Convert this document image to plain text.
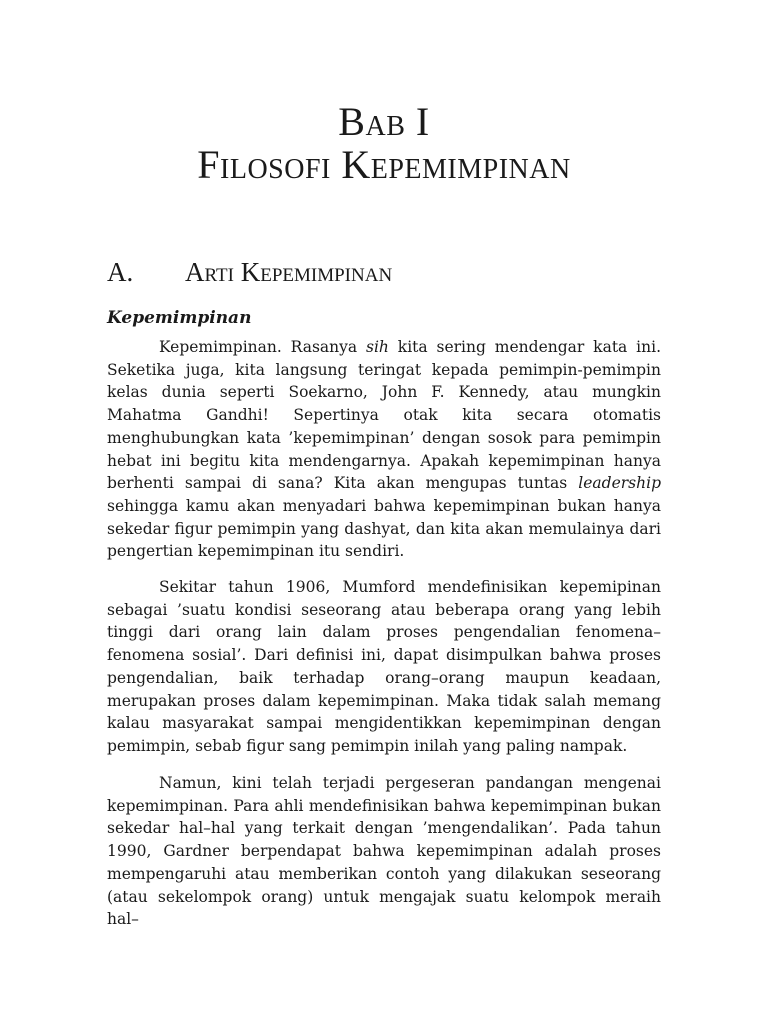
Bab I
Filosofi Kepemimpinan
A. Arti Kepemimpinan
Kepemimpinan

Kepemimpinan. Rasanya sih kita sering mendengar kata ini. Seketika juga, kita langsung teringat kepada pemimpin-pemimpin kelas dunia seperti Soekarno, John F. Kennedy, atau mungkin Mahatma Gandhi! Sepertinya otak kita secara otomatis menghubungkan kata ’kepemimpinan’ dengan sosok para pemimpin hebat ini begitu kita mendengarnya. Apakah kepemimpinan hanya berhenti sampai di sana? Kita akan mengupas tuntas leadership sehingga kamu akan menyadari bahwa kepemimpinan bukan hanya sekedar figur pemimpin yang dashyat, dan kita akan memulainya dari pengertian kepemimpinan itu sendiri.

Sekitar tahun 1906, Mumford mendefinisikan kepemipinan sebagai ’suatu kondisi seseorang atau beberapa orang yang lebih tinggi dari orang lain dalam proses pengendalian fenomena–fenomena sosial’. Dari definisi ini, dapat disimpulkan bahwa proses pengendalian, baik terhadap orang–orang maupun keadaan, merupakan proses dalam kepemimpinan. Maka tidak salah memang kalau masyarakat sampai mengidentikkan kepemimpinan dengan pemimpin, sebab figur sang pemimpin inilah yang paling nampak.

Namun, kini telah terjadi pergeseran pandangan mengenai kepemimpinan. Para ahli mendefinisikan bahwa kepemimpinan bukan sekedar hal–hal yang terkait dengan ’mengendalikan’. Pada tahun 1990, Gardner berpendapat bahwa kepemimpinan adalah proses mempengaruhi atau memberikan contoh yang dilakukan seseorang (atau sekelompok orang) untuk mengajak suatu kelompok meraih hal–
